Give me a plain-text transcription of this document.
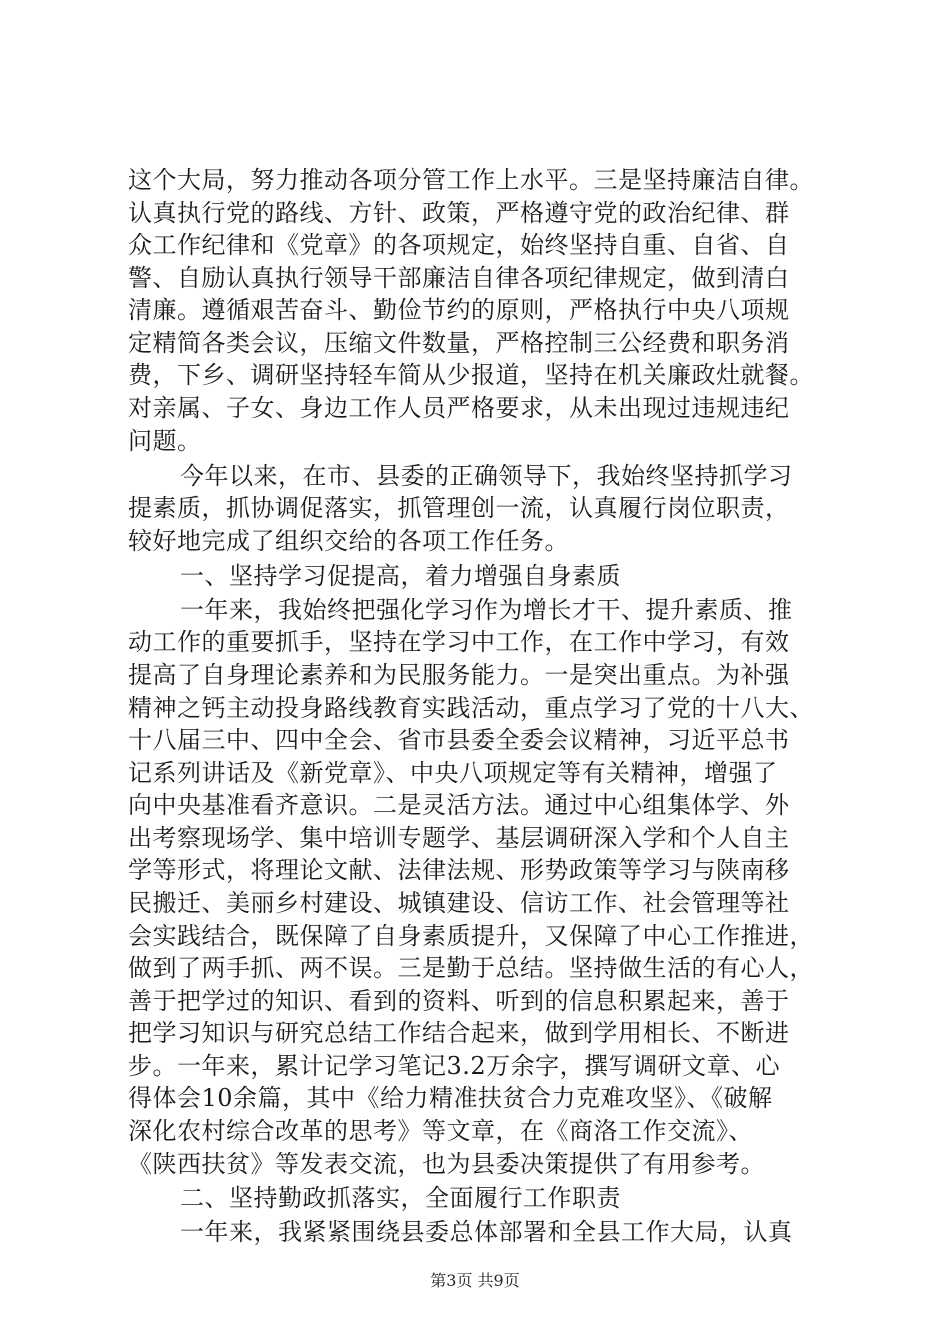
这个大局，努力推动各项分管工作上水平。三是坚持廉洁自律。
认真执行党的路线、方针、政策，严格遵守党的政治纪律、群
众工作纪律和《党章》的各项规定，始终坚持自重、自省、自
警、自励认真执行领导干部廉洁自律各项纪律规定，做到清白
清廉。遵循艰苦奋斗、勤俭节约的原则，严格执行中央八项规
定精简各类会议，压缩文件数量，严格控制三公经费和职务消
费，下乡、调研坚持轻车简从少报道，坚持在机关廉政灶就餐。
对亲属、子女、身边工作人员严格要求，从未出现过违规违纪
问题。
今年以来，在市、县委的正确领导下，我始终坚持抓学习
提素质，抓协调促落实，抓管理创一流，认真履行岗位职责，
较好地完成了组织交给的各项工作任务。
一、坚持学习促提高，着力增强自身素质
一年来，我始终把强化学习作为增长才干、提升素质、推
动工作的重要抓手，坚持在学习中工作，在工作中学习，有效
提高了自身理论素养和为民服务能力。一是突出重点。为补强
精神之钙主动投身路线教育实践活动，重点学习了党的十八大、
十八届三中、四中全会、省市县委全委会议精神，习近平总书
记系列讲话及《新党章》、中央八项规定等有关精神，增强了
向中央基准看齐意识。二是灵活方法。通过中心组集体学、外
出考察现场学、集中培训专题学、基层调研深入学和个人自主
学等形式，将理论文献、法律法规、形势政策等学习与陕南移
民搬迁、美丽乡村建设、城镇建设、信访工作、社会管理等社
会实践结合，既保障了自身素质提升，又保障了中心工作推进，
做到了两手抓、两不误。三是勤于总结。坚持做生活的有心人，
善于把学过的知识、看到的资料、听到的信息积累起来，善于
把学习知识与研究总结工作结合起来，做到学用相长、不断进
步。一年来，累计记学习笔记3.2万余字，撰写调研文章、心
得体会10余篇，其中《给力精准扶贫合力克难攻坚》、《破解
深化农村综合改革的思考》等文章，在《商洛工作交流》、
《陕西扶贫》等发表交流，也为县委决策提供了有用参考。
二、坚持勤政抓落实，全面履行工作职责
一年来，我紧紧围绕县委总体部署和全县工作大局，认真
第3页 共9页
